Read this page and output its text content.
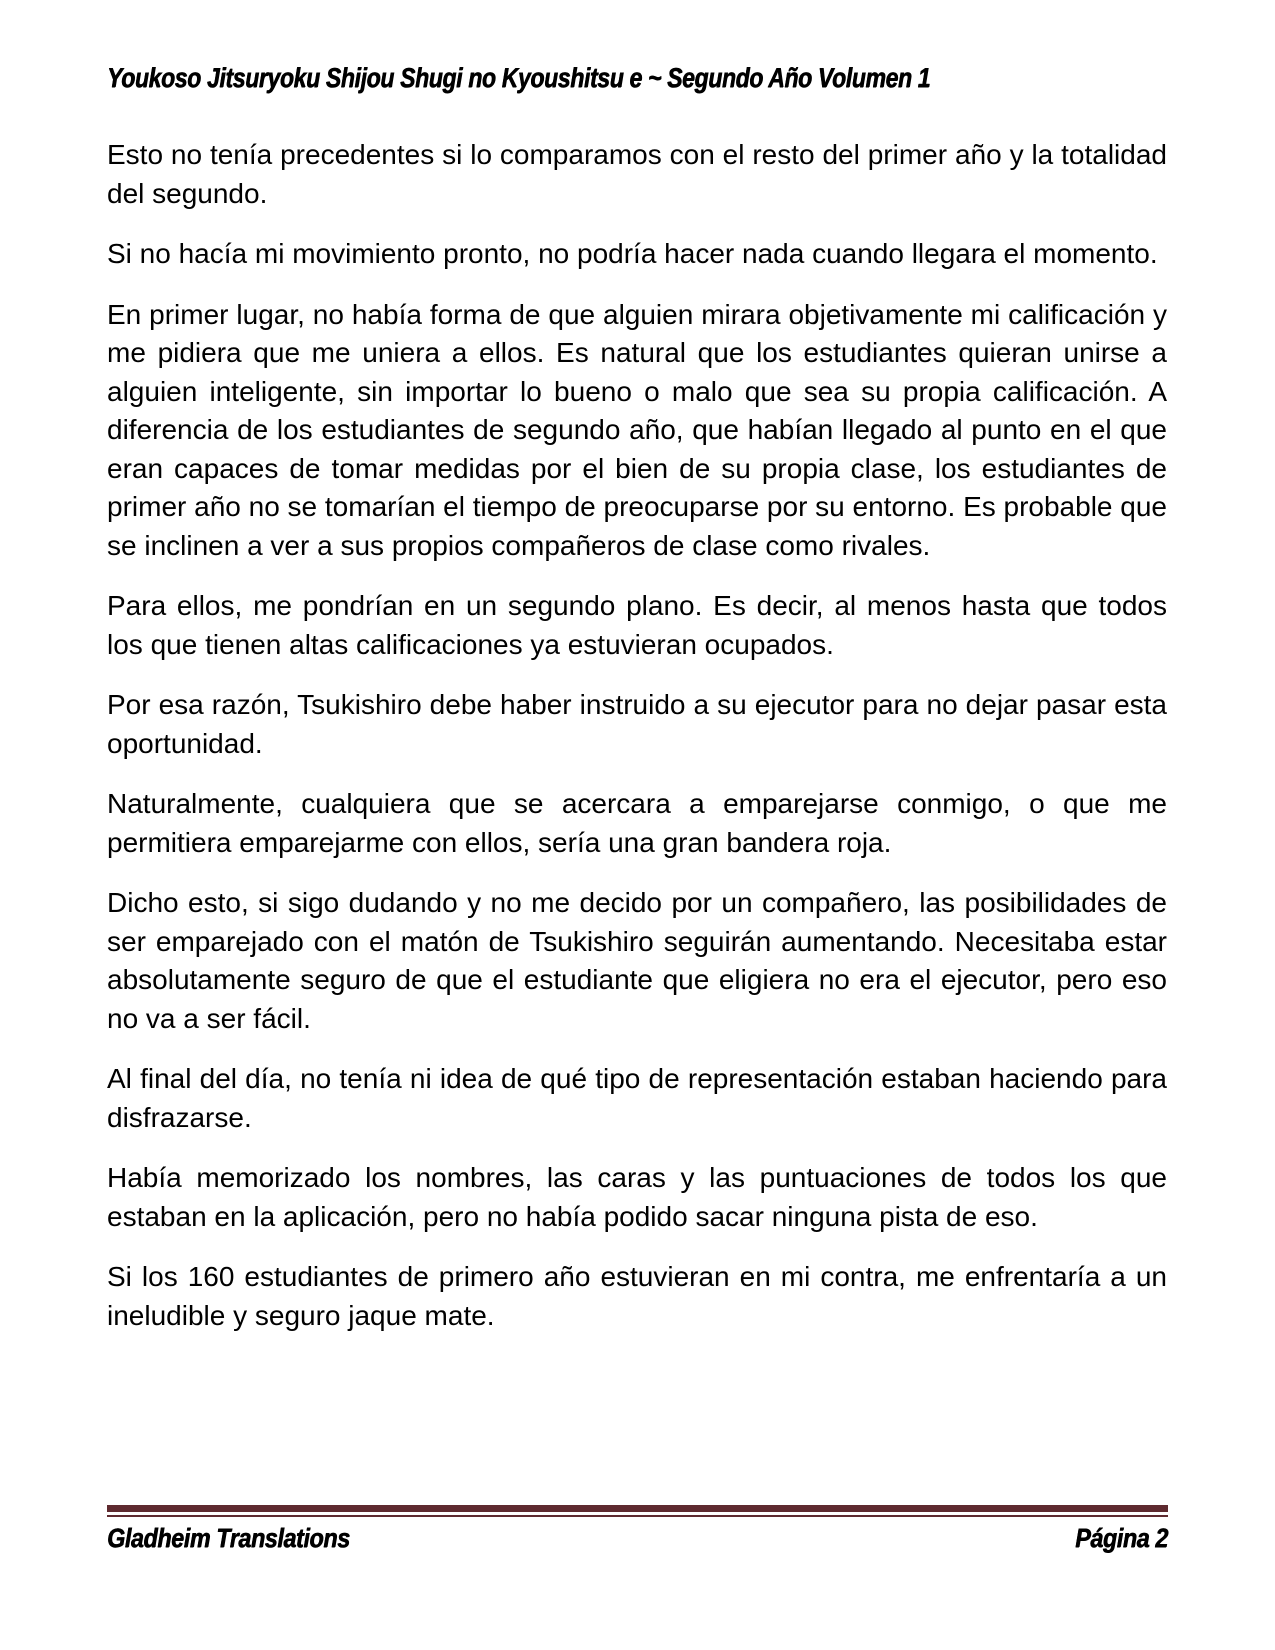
Youkoso Jitsuryoku Shijou Shugi no Kyoushitsu e ~ Segundo Año Volumen 1

Esto no tenía precedentes si lo comparamos con el resto del primer año y la totalidad del segundo.

Si no hacía mi movimiento pronto, no podría hacer nada cuando llegara el momento.

En primer lugar, no había forma de que alguien mirara objetivamente mi calificación y me pidiera que me uniera a ellos. Es natural que los estudiantes quieran unirse a alguien inteligente, sin importar lo bueno o malo que sea su propia calificación. A diferencia de los estudiantes de segundo año, que habían llegado al punto en el que eran capaces de tomar medidas por el bien de su propia clase, los estudiantes de primer año no se tomarían el tiempo de preocuparse por su entorno. Es probable que se inclinen a ver a sus propios compañeros de clase como rivales.

Para ellos, me pondrían en un segundo plano. Es decir, al menos hasta que todos los que tienen altas calificaciones ya estuvieran ocupados.

Por esa razón, Tsukishiro debe haber instruido a su ejecutor para no dejar pasar esta oportunidad.

Naturalmente, cualquiera que se acercara a emparejarse conmigo, o que me permitiera emparejarme con ellos, sería una gran bandera roja.

Dicho esto, si sigo dudando y no me decido por un compañero, las posibilidades de ser emparejado con el matón de Tsukishiro seguirán aumentando. Necesitaba estar absolutamente seguro de que el estudiante que eligiera no era el ejecutor, pero eso no va a ser fácil.

Al final del día, no tenía ni idea de qué tipo de representación estaban haciendo para disfrazarse.

Había memorizado los nombres, las caras y las puntuaciones de todos los que estaban en la aplicación, pero no había podido sacar ninguna pista de eso.

Si los 160 estudiantes de primero año estuvieran en mi contra, me enfrentaría a un ineludible y seguro jaque mate.

Gladheim Translations	Página 2
